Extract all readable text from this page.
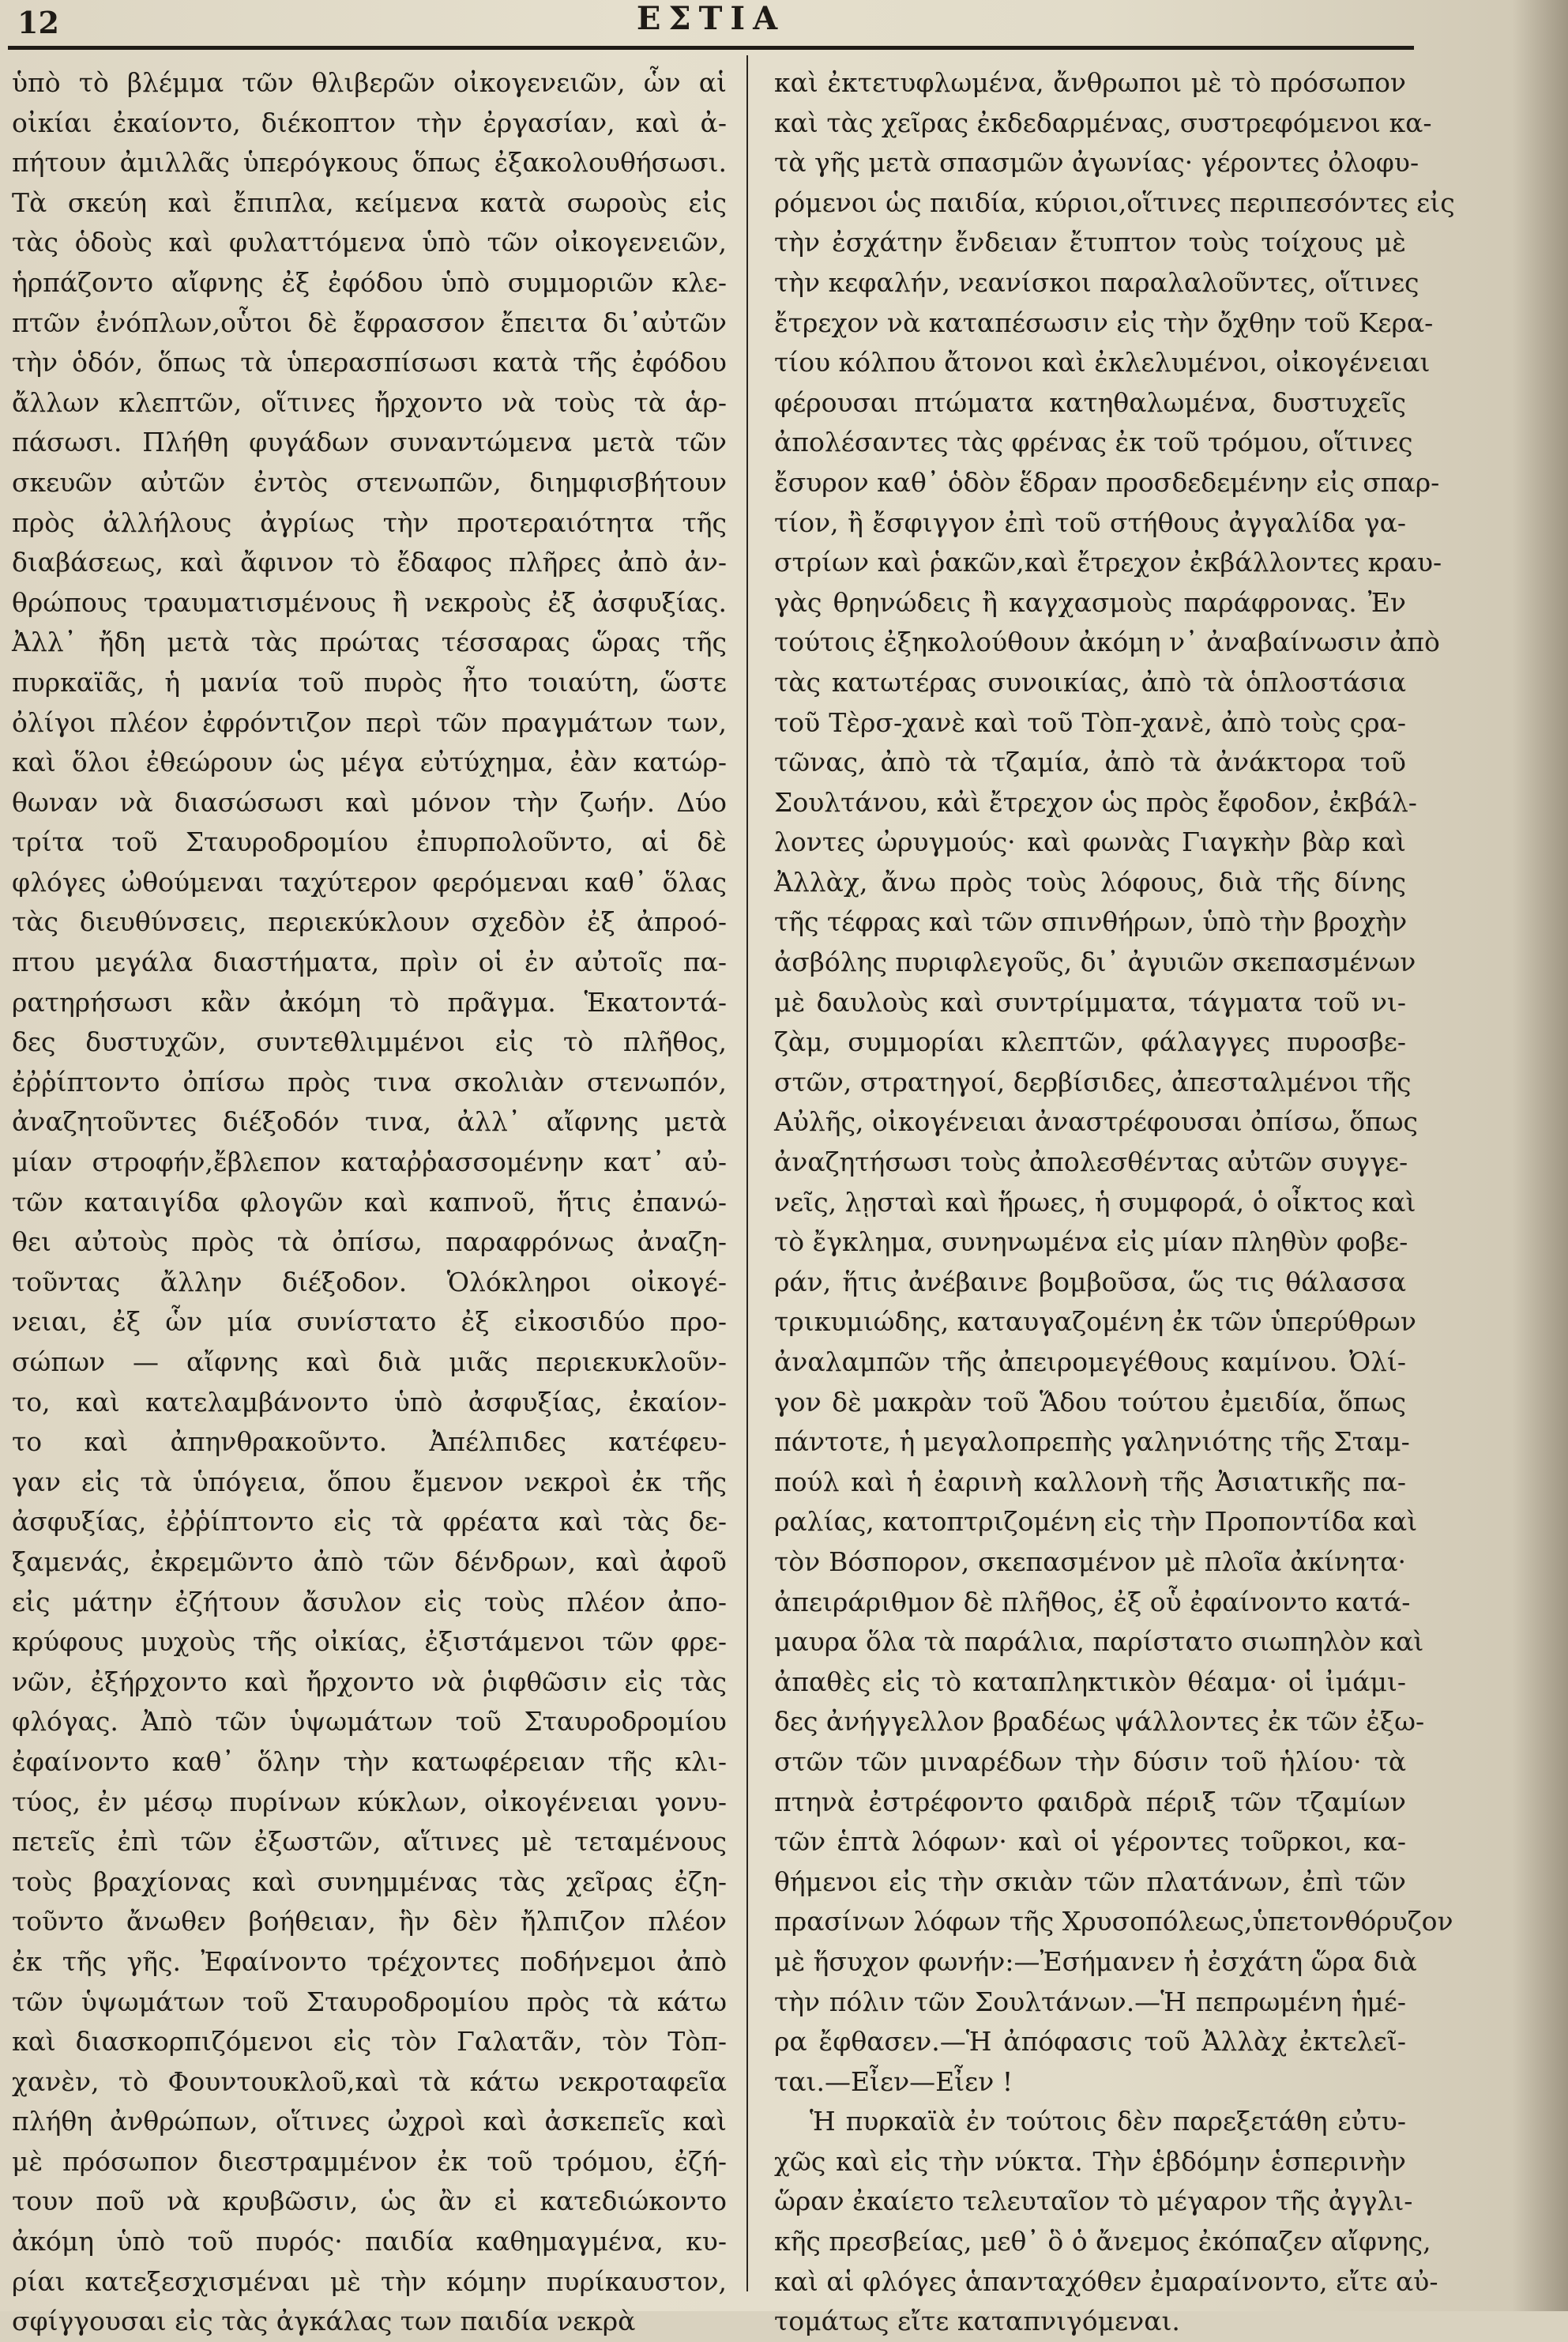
12	ΕΣΤΙΑ
ὑπὸ τὸ βλέμμα τῶν θλιβερῶν οἰκογενειῶν, ὧν αἱ
οἰκίαι ἐκαίοντο, διέκοπτον τὴν ἐργασίαν, καὶ ἀ-
πήτουν ἀμιλλᾶς ὑπερόγκους ὅπως ἐξακολουθήσωσι.
Τὰ σκεύη καὶ ἔπιπλα, κείμενα κατὰ σωροὺς εἰς
τὰς ὁδοὺς καὶ φυλαττόμενα ὑπὸ τῶν οἰκογενειῶν,
ἡρπάζοντο αἴφνης ἐξ ἐφόδου ὑπὸ συμμοριῶν κλε-
πτῶν ἐνόπλων,οὗτοι δὲ ἔφρασσον ἔπειτα δι᾽αὐτῶν
τὴν ὁδόν, ὅπως τὰ ὑπερασπίσωσι κατὰ τῆς ἐφόδου
ἄλλων κλεπτῶν, οἵτινες ἤρχοντο νὰ τοὺς τὰ ἁρ-
πάσωσι. Πλήθη φυγάδων συναντώμενα μετὰ τῶν
σκευῶν αὐτῶν ἐντὸς στενωπῶν, διημφισβήτουν
πρὸς ἀλλήλους ἀγρίως τὴν προτεραιότητα τῆς
διαβάσεως, καὶ ἄφινον τὸ ἔδαφος πλῆρες ἀπὸ ἀν-
θρώπους τραυματισμένους ἢ νεκροὺς ἐξ ἀσφυξίας.
Ἀλλ᾽ ἤδη μετὰ τὰς πρώτας τέσσαρας ὥρας τῆς
πυρκαϊᾶς, ἡ μανία τοῦ πυρὸς ἦτο τοιαύτη, ὥστε
ὀλίγοι πλέον ἐφρόντιζον περὶ τῶν πραγμάτων των,
καὶ ὅλοι ἐθεώρουν ὡς μέγα εὐτύχημα, ἐὰν κατώρ-
θωναν νὰ διασώσωσι καὶ μόνον τὴν ζωήν. Δύο
τρίτα τοῦ Σταυροδρομίου ἐπυρπολοῦντο, αἱ δὲ
φλόγες ὠθούμεναι ταχύτερον φερόμεναι καθ᾽ ὅλας
τὰς διευθύνσεις, περιεκύκλουν σχεδὸν ἐξ ἀπροό-
πτου μεγάλα διαστήματα, πρὶν οἱ ἐν αὐτοῖς πα-
ρατηρήσωσι κἂν ἀκόμη τὸ πρᾶγμα. Ἑκατοντά-
δες δυστυχῶν, συντεθλιμμένοι εἰς τὸ πλῆθος,
ἐῤῥίπτοντο ὀπίσω πρὸς τινα σκολιὰν στενωπόν,
ἀναζητοῦντες διέξοδόν τινα, ἀλλ᾽ αἴφνης μετὰ
μίαν στροφήν,ἔβλεπον καταῤῥασσομένην κατ᾽ αὐ-
τῶν καταιγίδα φλογῶν καὶ καπνοῦ, ἥτις ἐπανώ-
θει αὐτοὺς πρὸς τὰ ὀπίσω, παραφρόνως ἀναζη-
τοῦντας ἄλλην διέξοδον. Ὁλόκληροι οἰκογέ-
νειαι, ἐξ ὧν μία συνίστατο ἐξ εἰκοσιδύο προ-
σώπων — αἴφνης καὶ διὰ μιᾶς περιεκυκλοῦν-
το, καὶ κατελαμβάνοντο ὑπὸ ἀσφυξίας, ἐκαίον-
το καὶ ἀπηνθρακοῦντο. Ἀπέλπιδες κατέφευ-
γαν εἰς τὰ ὑπόγεια, ὅπου ἔμενον νεκροὶ ἐκ τῆς
ἀσφυξίας, ἐῤῥίπτοντο εἰς τὰ φρέατα καὶ τὰς δε-
ξαμενάς, ἐκρεμῶντο ἀπὸ τῶν δένδρων, καὶ ἀφοῦ
εἰς μάτην ἐζήτουν ἄσυλον εἰς τοὺς πλέον ἀπο-
κρύφους μυχοὺς τῆς οἰκίας, ἐξιστάμενοι τῶν φρε-
νῶν, ἐξήρχοντο καὶ ἤρχοντο νὰ ῥιφθῶσιν εἰς τὰς
φλόγας. Ἀπὸ τῶν ὑψωμάτων τοῦ Σταυροδρομίου
ἐφαίνοντο καθ᾽ ὅλην τὴν κατωφέρειαν τῆς κλι-
τύος, ἐν μέσῳ πυρίνων κύκλων, οἰκογένειαι γονυ-
πετεῖς ἐπὶ τῶν ἐξωστῶν, αἵτινες μὲ τεταμένους
τοὺς βραχίονας καὶ συνημμένας τὰς χεῖρας ἐζη-
τοῦντο ἄνωθεν βοήθειαν, ἣν δὲν ἤλπιζον πλέον
ἐκ τῆς γῆς. Ἐφαίνοντο τρέχοντες ποδήνεμοι ἀπὸ
τῶν ὑψωμάτων τοῦ Σταυροδρομίου πρὸς τὰ κάτω
καὶ διασκορπιζόμενοι εἰς τὸν Γαλατᾶν, τὸν Τὸπ-
χανὲν, τὸ Φουντουκλοῦ,καὶ τὰ κάτω νεκροταφεῖα
πλήθη ἀνθρώπων, οἵτινες ὠχροὶ καὶ ἀσκεπεῖς καὶ
μὲ πρόσωπον διεστραμμένον ἐκ τοῦ τρόμου, ἐζή-
τουν ποῦ νὰ κρυβῶσιν, ὡς ἂν εἰ κατεδιώκοντο
ἀκόμη ὑπὸ τοῦ πυρός· παιδία καθημαγμένα, κυ-
ρίαι κατεξεσχισμέναι μὲ τὴν κόμην πυρίκαυστον,
σφίγγουσαι εἰς τὰς ἀγκάλας των παιδία νεκρὰ
καὶ ἐκτετυφλωμένα, ἄνθρωποι μὲ τὸ πρόσωπον
καὶ τὰς χεῖρας ἐκδεδαρμένας, συστρεφόμενοι κα-
τὰ γῆς μετὰ σπασμῶν ἀγωνίας· γέροντες ὀλοφυ-
ρόμενοι ὡς παιδία, κύριοι,οἵτινες περιπεσόντες εἰς
τὴν ἐσχάτην ἔνδειαν ἔτυπτον τοὺς τοίχους μὲ
τὴν κεφαλήν, νεανίσκοι παραλαλοῦντες, οἵτινες
ἔτρεχον νὰ καταπέσωσιν εἰς τὴν ὄχθην τοῦ Κερα-
τίου κόλπου ἄτονοι καὶ ἐκλελυμένοι, οἰκογένειαι
φέρουσαι πτώματα κατηθαλωμένα, δυστυχεῖς
ἀπολέσαντες τὰς φρένας ἐκ τοῦ τρόμου, οἵτινες
ἔσυρον καθ᾽ ὁδὸν ἕδραν προσδεδεμένην εἰς σπαρ-
τίον, ἢ ἔσφιγγον ἐπὶ τοῦ στήθους ἀγγαλίδα γα-
στρίων καὶ ῥακῶν,καὶ ἔτρεχον ἐκβάλλοντες κραυ-
γὰς θρηνώδεις ἢ καγχασμοὺς παράφρονας. Ἐν
τούτοις ἐξηκολούθουν ἀκόμη ν᾽ ἀναβαίνωσιν ἀπὸ
τὰς κατωτέρας συνοικίας, ἀπὸ τὰ ὁπλοστάσια
τοῦ Τὲρσ-χανὲ καὶ τοῦ Τὸπ-χανὲ, ἀπὸ τοὺς ςρα-
τῶνας, ἀπὸ τὰ τζαμία, ἀπὸ τὰ ἀνάκτορα τοῦ
Σουλτάνου, κἀὶ ἔτρεχον ὡς πρὸς ἔφοδον, ἐκβάλ-
λοντες ὠρυγμούς· καὶ φωνὰς Γιαγκὴν βὰρ καὶ
Ἀλλὰχ, ἄνω πρὸς τοὺς λόφους, διὰ τῆς δίνης
τῆς τέφρας καὶ τῶν σπινθήρων, ὑπὸ τὴν βροχὴν
ἀσβόλης πυριφλεγοῦς, δι᾽ ἀγυιῶν σκεπασμένων
μὲ δαυλοὺς καὶ συντρίμματα, τάγματα τοῦ νι-
ζὰμ, συμμορίαι κλεπτῶν, φάλαγγες πυροσβε-
στῶν, στρατηγοί, δερβίσιδες, ἀπεσταλμένοι τῆς
Αὐλῆς, οἰκογένειαι ἀναστρέφουσαι ὀπίσω, ὅπως
ἀναζητήσωσι τοὺς ἀπολεσθέντας αὐτῶν συγγε-
νεῖς, λῃσταὶ καὶ ἥρωες, ἡ συμφορά, ὁ οἶκτος καὶ
τὸ ἔγκλημα, συνηνωμένα εἰς μίαν πληθὺν φοβε-
ράν, ἥτις ἀνέβαινε βομβοῦσα, ὥς τις θάλασσα
τρικυμιώδης, καταυγαζομένη ἐκ τῶν ὑπερύθρων
ἀναλαμπῶν τῆς ἀπειρομεγέθους καμίνου. Ὀλί-
γον δὲ μακρὰν τοῦ Ἅδου τούτου ἐμειδία, ὅπως
πάντοτε, ἡ μεγαλοπρεπὴς γαληνιότης τῆς Σταμ-
πούλ καὶ ἡ ἐαρινὴ καλλονὴ τῆς Ἀσιατικῆς πα-
ραλίας, κατοπτριζομένη εἰς τὴν Προποντίδα καὶ
τὸν Βόσπορον, σκεπασμένον μὲ πλοῖα ἀκίνητα·
ἀπειράριθμον δὲ πλῆθος, ἐξ οὗ ἐφαίνοντο κατά-
μαυρα ὅλα τὰ παράλια, παρίστατο σιωπηλὸν καὶ
ἀπαθὲς εἰς τὸ καταπληκτικὸν θέαμα· οἱ ἰμάμι-
δες ἀνήγγελλον βραδέως ψάλλοντες ἐκ τῶν ἐξω-
στῶν τῶν μιναρέδων τὴν δύσιν τοῦ ἡλίου· τὰ
πτηνὰ ἐστρέφοντο φαιδρὰ πέριξ τῶν τζαμίων
τῶν ἑπτὰ λόφων· καὶ οἱ γέροντες τοῦρκοι, κα-
θήμενοι εἰς τὴν σκιὰν τῶν πλατάνων, ἐπὶ τῶν
πρασίνων λόφων τῆς Χρυσοπόλεως,ὑπετονθόρυζον
μὲ ἥσυχον φωνήν:—Ἐσήμανεν ἡ ἐσχάτη ὥρα διὰ
τὴν πόλιν τῶν Σουλτάνων.—Ἡ πεπρωμένη ἡμέ-
ρα ἔφθασεν.—Ἡ ἀπόφασις τοῦ Ἀλλὰχ ἐκτελεῖ-
ται.—Εἶεν—Εἶεν !
Ἡ πυρκαϊὰ ἐν τούτοις δὲν παρεξετάθη εὐτυ-
χῶς καὶ εἰς τὴν νύκτα. Τὴν ἑβδόμην ἑσπερινὴν
ὥραν ἐκαίετο τελευταῖον τὸ μέγαρον τῆς ἀγγλι-
κῆς πρεσβείας, μεθ᾽ ὃ ὁ ἄνεμος ἐκόπαζεν αἴφνης,
καὶ αἱ φλόγες ἁπανταχόθεν ἐμαραίνοντο, εἴτε αὐ-
τομάτως εἴτε καταπνιγόμεναι.
